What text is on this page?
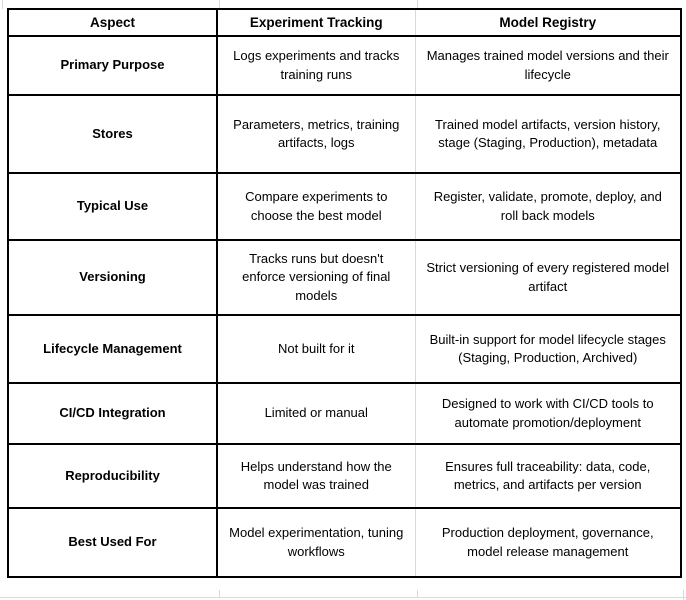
Aspect	Experiment Tracking	Model Registry
Primary Purpose	Logs experiments and tracks training runs	Manages trained model versions and their lifecycle
Stores	Parameters, metrics, training artifacts, logs	Trained model artifacts, version history, stage (Staging, Production), metadata
Typical Use	Compare experiments to choose the best model	Register, validate, promote, deploy, and roll back models
Versioning	Tracks runs but doesn't enforce versioning of final models	Strict versioning of every registered model artifact
Lifecycle Management	Not built for it	Built-in support for model lifecycle stages (Staging, Production, Archived)
CI/CD Integration	Limited or manual	Designed to work with CI/CD tools to automate promotion/deployment
Reproducibility	Helps understand how the model was trained	Ensures full traceability: data, code, metrics, and artifacts per version
Best Used For	Model experimentation, tuning workflows	Production deployment, governance, model release management
